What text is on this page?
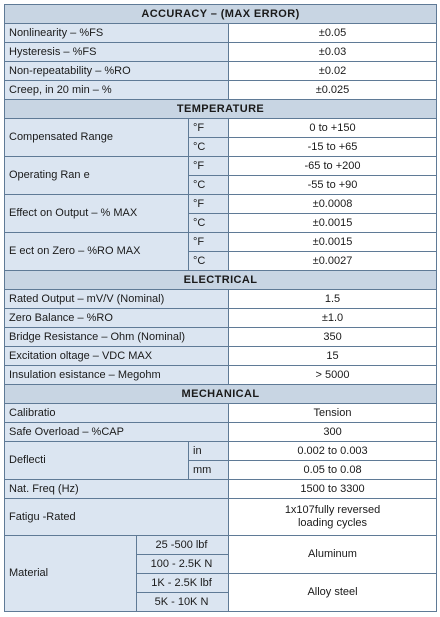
ACCURACY – (MAX ERROR)			
Nonlinearity – %FS			±0.05
Hysteresis – %FS			±0.03
Non-repeatability – %RO			±0.02
Creep, in 20 min – %			±0.025
TEMPERATURE			
Compensated Range		°F	0 to +150
		°C	-15 to +65
Operating Ran e		°F	-65 to +200
		°C	-55 to +90
Effect on Output – % MAX		°F	±0.0008
		°C	±0.0015
E ect on Zero – %RO MAX		°F	±0.0015
		°C	±0.0027
ELECTRICAL			
Rated Output – mV/V (Nominal)			1.5
Zero Balance – %RO			±1.0
Bridge Resistance – Ohm (Nominal)			350
Excitation oltage – VDC MAX			15
Insulation esistance – Megohm			> 5000
MECHANICAL			
Calibratio			Tension
Safe Overload – %CAP			300
Deflecti		in	0.002 to 0.003
		mm	0.05 to 0.08
Nat. Freq (Hz)			1500 to 3300
Fatigu -Rated			1x107fully reversed
loading cycles

Material	25 -500 lbf		Aluminum
	100 - 2.5K N		
	1K - 2.5K lbf		Alloy steel
	5K - 10K N		
